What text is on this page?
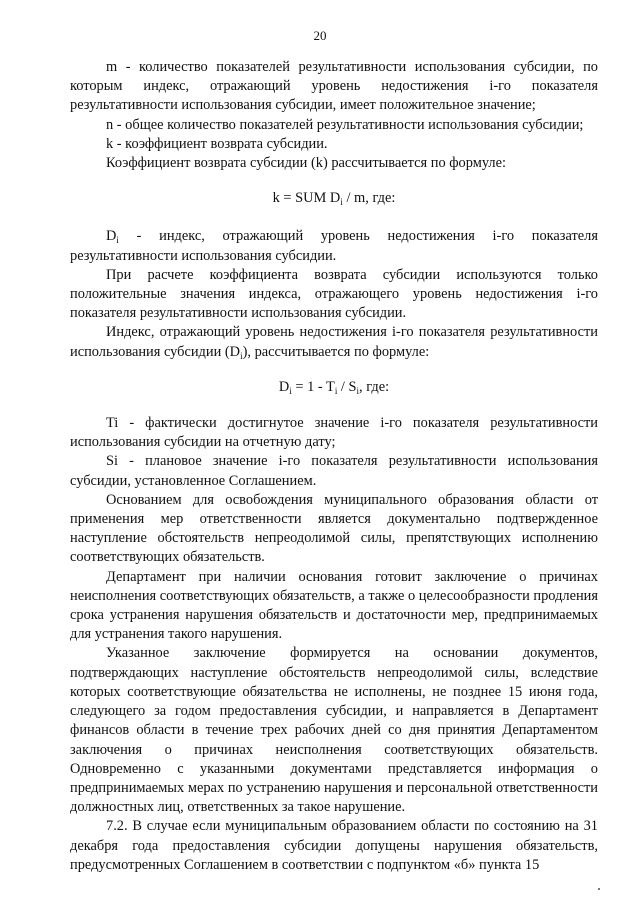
20

m - количество показателей результативности использования субсидии, по которым индекс, отражающий уровень недостижения i-го показателя результативности использования субсидии, имеет положительное значение;

n - общее количество показателей результативности использования субсидии;

k - коэффициент возврата субсидии.

Коэффициент возврата субсидии (k) рассчитывается по формуле:

k = SUM $D_i$ / m, где:

$D_i$ - индекс, отражающий уровень недостижения i-го показателя результативности использования субсидии.

При расчете коэффициента возврата субсидии используются только положительные значения индекса, отражающего уровень недостижения i-го показателя результативности использования субсидии.

Индекс, отражающий уровень недостижения i-го показателя результативности использования субсидии $(D_i)$, рассчитывается по формуле:

$D_i = 1 - T_i / S_i$, где:

Ti - фактически достигнутое значение i-го показателя результативности использования субсидии на отчетную дату;

Si - плановое значение i-го показателя результативности использования субсидии, установленное Соглашением.

Основанием для освобождения муниципального образования области от применения мер ответственности является документально подтвержденное наступление обстоятельств непреодолимой силы, препятствующих исполнению соответствующих обязательств.

Департамент при наличии основания готовит заключение о причинах неисполнения соответствующих обязательств, а также о целесообразности продления срока устранения нарушения обязательств и достаточности мер, предпринимаемых для устранения такого нарушения.

Указанное заключение формируется на основании документов, подтверждающих наступление обстоятельств непреодолимой силы, вследствие которых соответствующие обязательства не исполнены, не позднее 15 июня года, следующего за годом предоставления субсидии, и направляется в Департамент финансов области в течение трех рабочих дней со дня принятия Департаментом заключения о причинах неисполнения соответствующих обязательств. Одновременно с указанными документами представляется информация о предпринимаемых мерах по устранению нарушения и персональной ответственности должностных лиц, ответственных за такое нарушение.

7.2. В случае если муниципальным образованием области по состоянию на 31 декабря года предоставления субсидии допущены нарушения обязательств, предусмотренных Соглашением в соответствии с подпунктом «б» пункта 15
